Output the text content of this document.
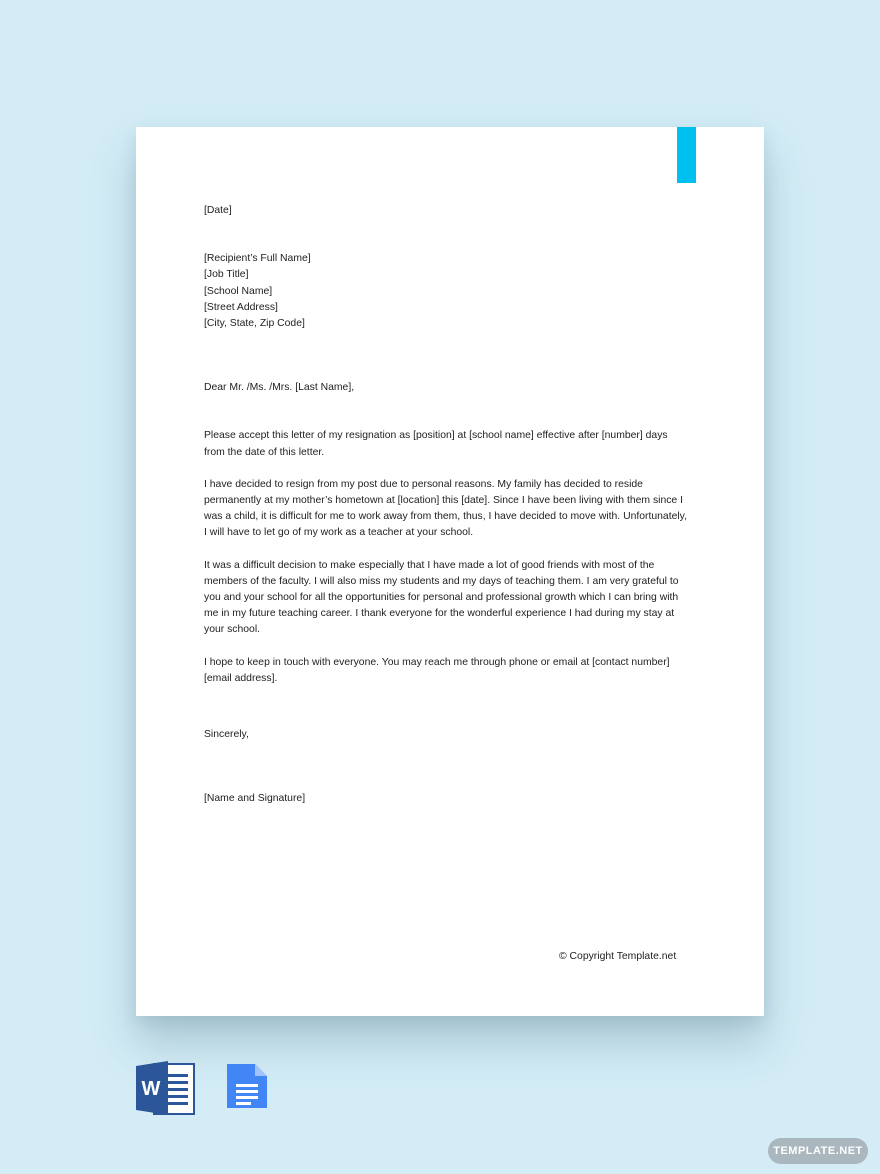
[Date]

[Recipient’s Full Name]
[Job Title]
[School Name]
[Street Address]
[City, State, Zip Code]

Dear Mr. /Ms. /Mrs. [Last Name],

Please accept this letter of my resignation as [position] at [school name] effective after [number] days from the date of this letter.

I have decided to resign from my post due to personal reasons. My family has decided to reside permanently at my mother’s hometown at [location] this [date]. Since I have been living with them since I was a child, it is difficult for me to work away from them, thus, I have decided to move with. Unfortunately, I will have to let go of my work as a teacher at your school.

It was a difficult decision to make especially that I have made a lot of good friends with most of the members of the faculty. I will also miss my students and my days of teaching them. I am very grateful to you and your school for all the opportunities for personal and professional growth which I can bring with me in my future teaching career. I thank everyone for the wonderful experience I had during my stay at your school.

I hope to keep in touch with everyone. You may reach me through phone or email at [contact number] [email address].

Sincerely,

[Name and Signature]

© Copyright Template.net
W
TEMPLATE.NET
